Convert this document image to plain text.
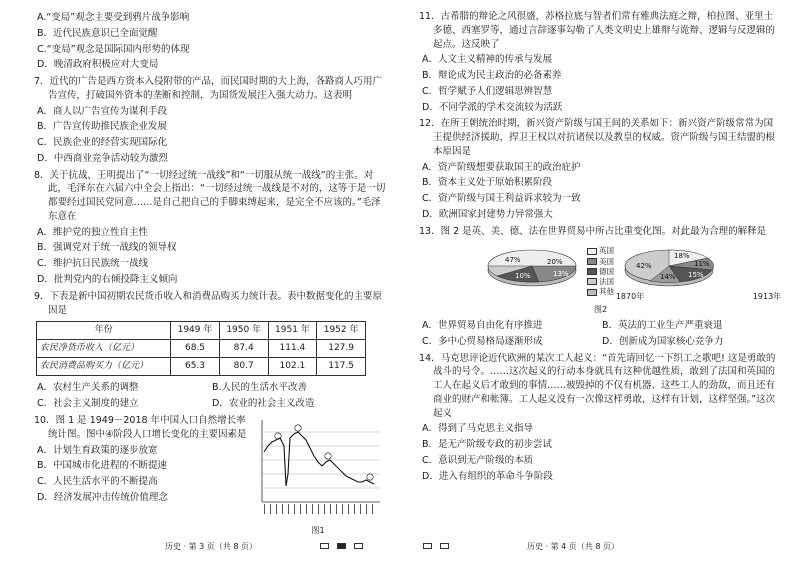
A.“变局”观念主要受到鸦片战争影响
B．近代民族意识已全面觉醒
C.“变局”观念是国际国内形势的体现
D．晚清政府积极应对大变局
7．近代的广告是西方资本入侵附带的产品，而民国时期的大上海，各路商人巧用广告宣传，打破国外资本的垄断和控制，为国货发展注入强大动力。这表明
A．商人以广告宣传为谋利手段
B．广告宣传助推民族企业发展
C．民族企业的经营实现国际化
D．中西商业竞争活动较为激烈
8．关于抗战，王明提出了“一切经过统一战线”和“一切服从统一战线”的主张。对此，毛泽东在六届六中全会上指出：“一切经过统一战线是不对的，这等于是一切都要经过国民党同意……是自己把自己的手脚束缚起来，是完全不应该的。”毛泽东意在
A．维护党的独立性自主性
B．强调党对于统一战线的领导权
C．维护抗日民族统一战线
D．批判党内的右倾投降主义倾向
9．下表是新中国初期农民货币收入和消费品购买力统计表。表中数据变化的主要原因是
年份	1949 年	1950 年	1951 年	1952 年
农民净货币收入（亿元）	68.5	87.4	111.4	127.9
农民消费品购买力（亿元）	65.3	80.7	102.1	117.5
A．农村生产关系的调整	B.人民的生活水平改善
C．社会主义制度的建立	D．农业的社会主义改造
10．图 1 是 1949－2018 年中国人口自然增长率统计图。图中④阶段人口增长变化的主要因素是
A．计划生育政策的逐步放宽
B．中国城市化进程的不断提速
C．人民生活水平的不断提高
D．经济发展冲击传统价值理念
图1
历史 · 第 3 页（共 8 页）
11．古希腊的辩论之风很盛，苏格拉底与智者们常有雅典法庭之辩，柏拉图、亚里士多德、西塞罗等，通过言辞逐事勾勒了人类文明史上雄辩与诡辩、逻辑与反逻辑的起点。这反映了
A．人文主义精神的传承与发展
B．辩论成为民主政治的必备素养
C．哲学赋予人们逻辑思辨智慧
D．不同学派的学术交流较为活跃
12．在所王朝统治时期，新兴资产阶级与国王间的关系如下：新兴资产阶级常常为国王提供经济援助，捍卫王权以对抗诸侯以及教皇的权威。资产阶级与国王结盟的根本原因是
A．资产阶级想要获取国王的政治庇护
B．资本主义处于原始积累阶段
C．资产阶级与国王利益诉求较为一致
D．欧洲国家封建势力异常强大
13．图 2 是英、美、德、法在世界贸易中所占比重变化图。对此最为合理的解释是
47%	20%
13%
10%
1870年
英国
美国
德国
法国
其他
18%
11%
15%
14%
42%
1913年
图2
A．世界贸易自由化有序推进	B．英法的工业生产严重衰退
C．多中心贸易格局逐渐形成	D．创新成为国家核心竞争力
14．马克思评论近代欧洲的某次工人起义：“首先请回忆一下织工之歌吧! 这是勇敢的战斗的号令。……这次起义的行动本身就具有这种优越性质，敢到了法国和英国的工人在起义后才敢到的事情……被毁掉的不仅有机器、这些工人的劲敌，而且还有商业的财产和帐簿。工人起义没有一次像这样勇敢，这样有计划，这样坚强。”这次起义
A．得到了马克思主义指导
B．是无产阶级专政的初步尝试
C．意识到无产阶级的本质
D．进入有组织的革命斗争阶段
历史 · 第 4 页（共 8 页）
